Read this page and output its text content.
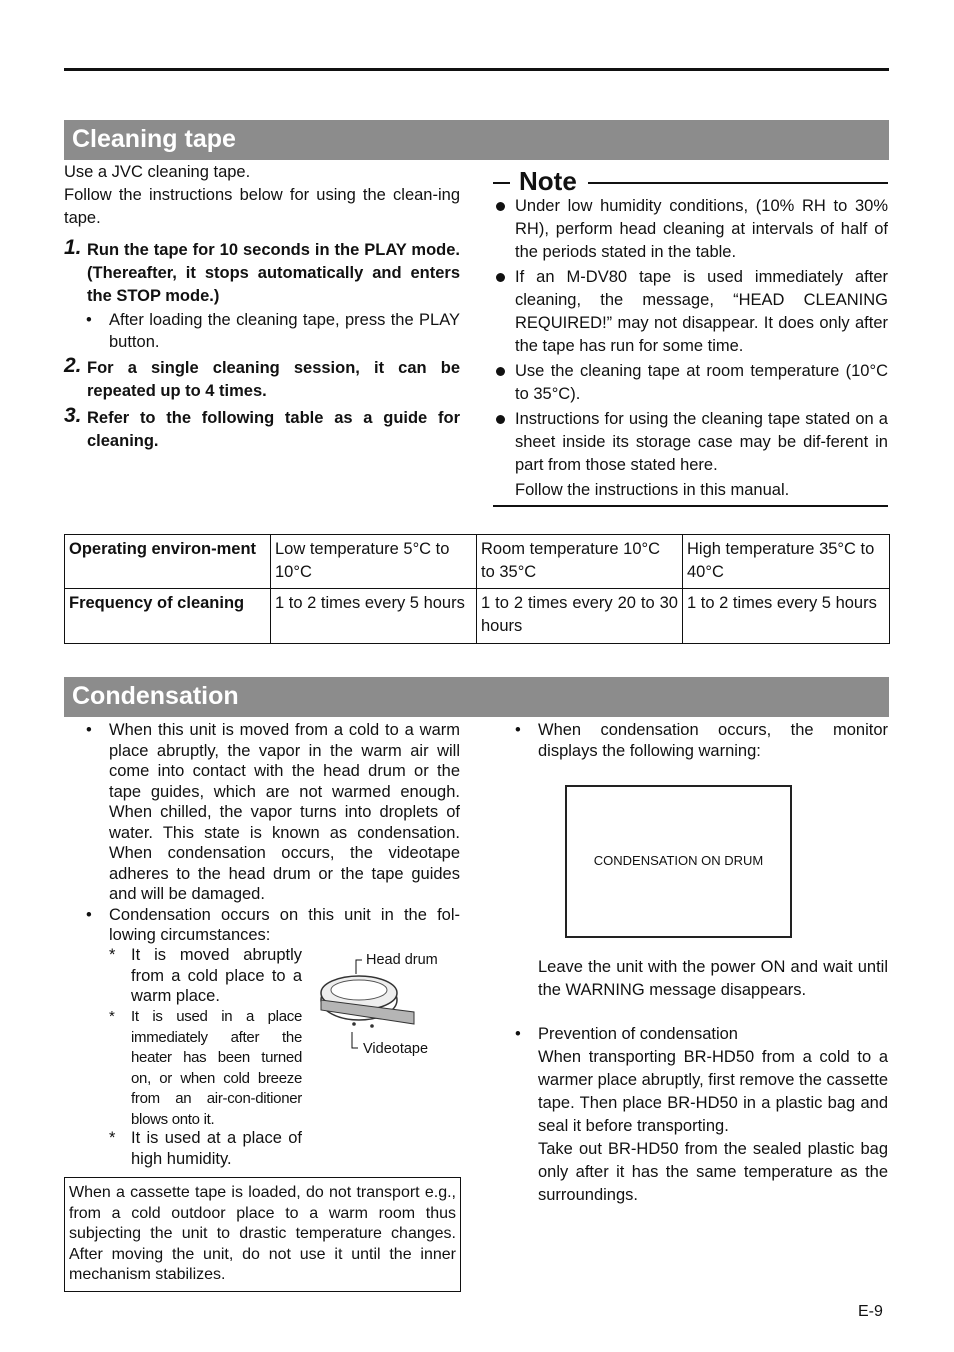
Cleaning tape

Use a JVC cleaning tape.

Follow the instructions below for using the clean-ing tape.

1. Run the tape for 10 seconds in the PLAY mode. (Thereafter, it stops automatically and enters the STOP mode.)
• After loading the cleaning tape, press the PLAY button.
2. For a single cleaning session, it can be repeated up to 4 times.
3. Refer to the following table as a guide for cleaning.
Note
Under low humidity conditions, (10% RH to 30% RH), perform head cleaning at intervals of half of the periods stated in the table.
If an M-DV80 tape is used immediately after cleaning, the message, “HEAD CLEANING REQUIRED!” may not disappear. It does only after the tape has run for some time.
Use the cleaning tape at room temperature (10°C to 35°C).
Instructions for using the cleaning tape stated on a sheet inside its storage case may be dif-ferent in part from those stated here.

Follow the instructions in this manual.

Operating environ-ment	Low temperature 5°C to 10°C	Room temperature 10°C to 35°C	High temperature 35°C to 40°C
Frequency of cleaning	1 to 2 times every 5 hours	1 to 2 times every 20 to 30 hours	1 to 2 times every 5 hours
Condensation
• When this unit is moved from a cold to a warm place abruptly, the vapor in the warm air will come into contact with the head drum or the tape guides, which are not warmed enough. When chilled, the vapor turns into droplets of water. This state is known as condensation. When condensation occurs, the videotape adheres to the head drum or the tape guides and will be damaged.
• Condensation occurs on this unit in the fol-lowing circumstances:
* It is moved abruptly from a cold place to a warm place.
* It is used in a place immediately after the heater has been turned on, or when cold breeze from an air-con-ditioner blows onto it.
* It is used at a place of high humidity.
Head drum
Videotape
When a cassette tape is loaded, do not transport e.g., from a cold outdoor place to a warm room thus subjecting the unit to drastic temperature changes. After moving the unit, do not use it until the inner mechanism stabilizes.
• When condensation occurs, the monitor displays the following warning:
CONDENSATION ON DRUM

Leave the unit with the power ON and wait until the WARNING message disappears.

• Prevention of condensation

When transporting BR-HD50 from a cold to a warmer place abruptly, first remove the cassette tape. Then place BR-HD50 in a plastic bag and seal it before transporting.

Take out BR-HD50 from the sealed plastic bag only after it has the same temperature as the surroundings.

E-9
